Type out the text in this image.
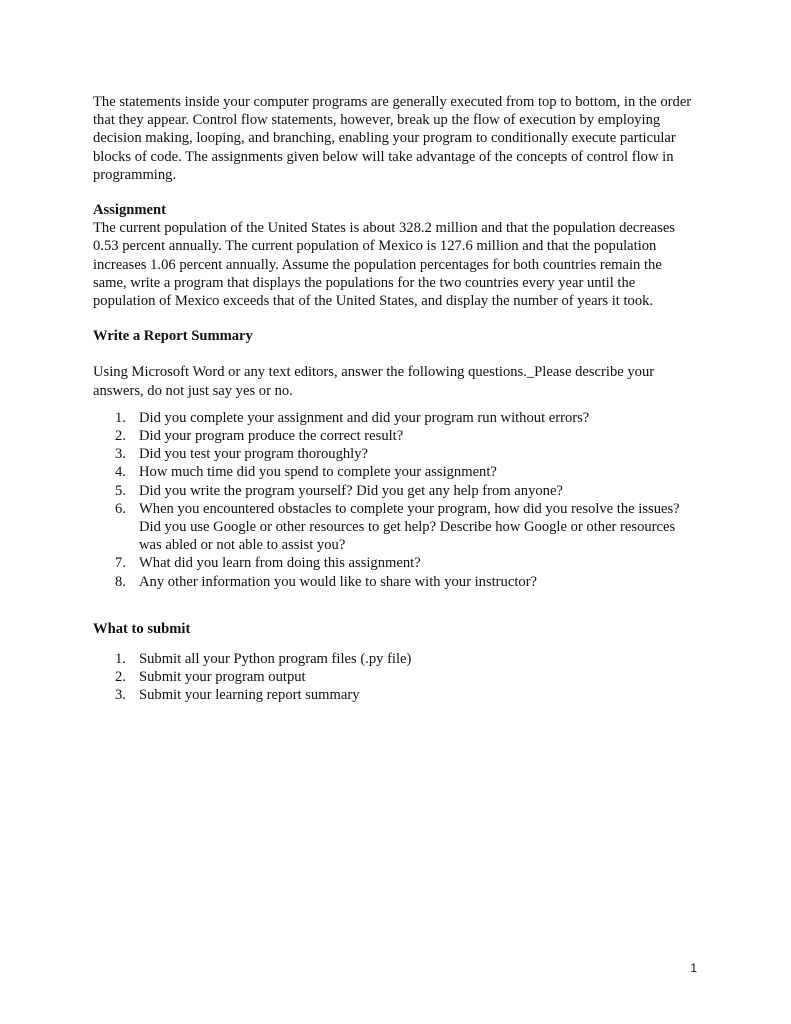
The statements inside your computer programs are generally executed from top to bottom, in the order that they appear. Control flow statements, however, break up the flow of execution by employing decision making, looping, and branching, enabling your program to conditionally execute particular blocks of code. The assignments given below will take advantage of the concepts of control flow in programming.

Assignment

The current population of the United States is about 328.2 million and that the population decreases 0.53 percent annually. The current population of Mexico is 127.6 million and that the population increases 1.06 percent annually. Assume the population percentages for both countries remain the same, write a program that displays the populations for the two countries every year until the population of Mexico exceeds that of the United States, and display the number of years it took.

Write a Report Summary

Using Microsoft Word or any text editors, answer the following questions._Please describe your answers, do not just say yes or no.

1. Did you complete your assignment and did your program run without errors?
2. Did your program produce the correct result?
3. Did you test your program thoroughly?
4. How much time did you spend to complete your assignment?
5. Did you write the program yourself? Did you get any help from anyone?
6. When you encountered obstacles to complete your program, how did you resolve the issues? Did you use Google or other resources to get help? Describe how Google or other resources was abled or not able to assist you?
7. What did you learn from doing this assignment?
8. Any other information you would like to share with your instructor?

What to submit

1. Submit all your Python program files (.py file)
2. Submit your program output
3. Submit your learning report summary
1
